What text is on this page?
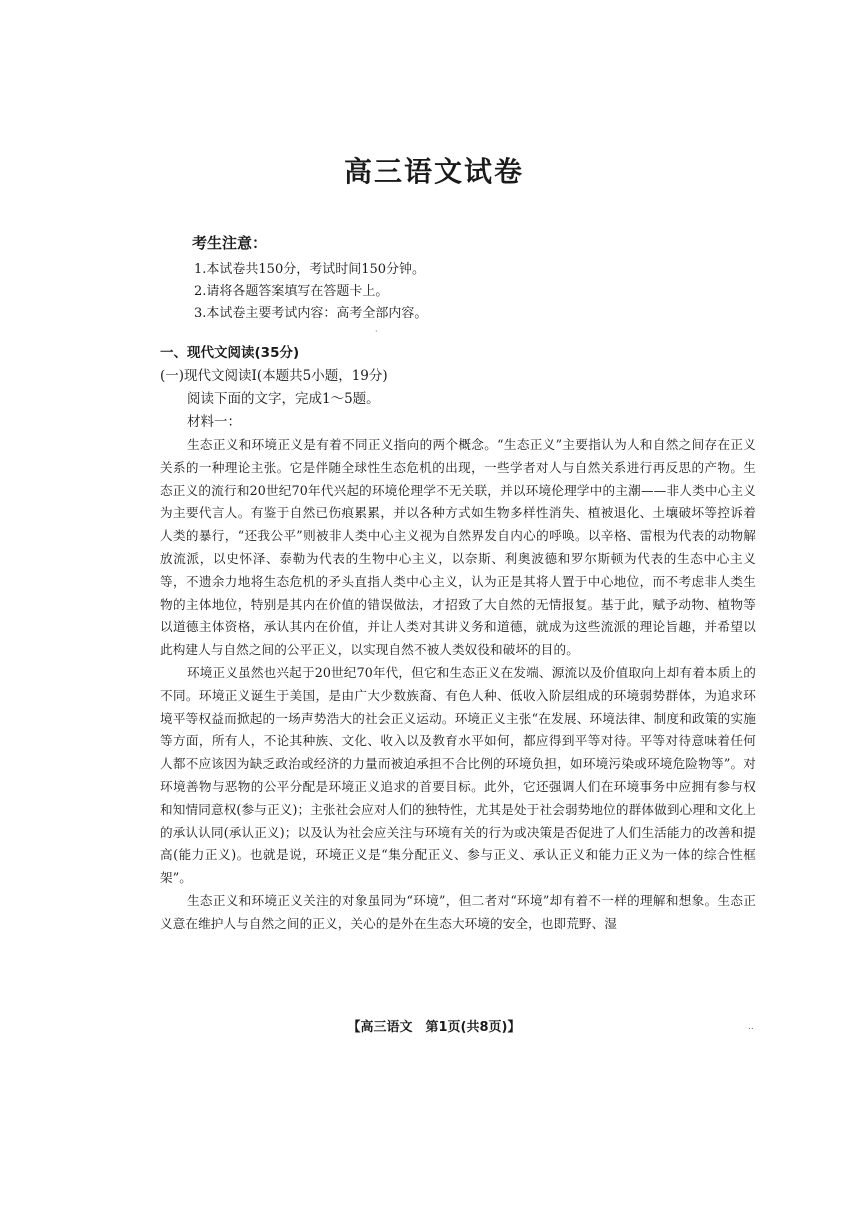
高三语文试卷

考生注意：

1.本试卷共150分，考试时间150分钟。
2.请将各题答案填写在答题卡上。
3.本试卷主要考试内容：高考全部内容。
·

一、现代文阅读(35分)

(一)现代文阅读Ⅰ(本题共5小题，19分)

阅读下面的文字，完成1～5题。

材料一：

生态正义和环境正义是有着不同正义指向的两个概念。“生态正义”主要指认为人和自然之间存在正义关系的一种理论主张。它是伴随全球性生态危机的出现，一些学者对人与自然关系进行再反思的产物。生态正义的流行和20世纪70年代兴起的环境伦理学不无关联，并以环境伦理学中的主潮——非人类中心主义为主要代言人。有鉴于自然已伤痕累累，并以各种方式如生物多样性消失、植被退化、土壤破坏等控诉着人类的暴行，“还我公平”则被非人类中心主义视为自然界发自内心的呼唤。以辛格、雷根为代表的动物解放流派，以史怀泽、泰勒为代表的生物中心主义，以奈斯、利奥波德和罗尔斯顿为代表的生态中心主义等，不遗余力地将生态危机的矛头直指人类中心主义，认为正是其将人置于中心地位，而不考虑非人类生物的主体地位，特别是其内在价值的错误做法，才招致了大自然的无情报复。基于此，赋予动物、植物等以道德主体资格，承认其内在价值，并让人类对其讲义务和道德，就成为这些流派的理论旨趣，并希望以此构建人与自然之间的公平正义，以实现自然不被人类奴役和破坏的目的。

环境正义虽然也兴起于20世纪70年代，但它和生态正义在发端、源流以及价值取向上却有着本质上的不同。环境正义诞生于美国，是由广大少数族裔、有色人种、低收入阶层组成的环境弱势群体，为追求环境平等权益而掀起的一场声势浩大的社会正义运动。环境正义主张“在发展、环境法律、制度和政策的实施等方面，所有人，不论其种族、文化、收入以及教育水平如何，都应得到平等对待。平等对待意味着任何人都不应该因为缺乏政治或经济的力量而被迫承担不合比例的环境负担，如环境污染或环境危险物等”。对环境善物与恶物的公平分配是环境正义追求的首要目标。此外，它还强调人们在环境事务中应拥有参与权和知情同意权(参与正义)；主张社会应对人们的独特性，尤其是处于社会弱势地位的群体做到心理和文化上的承认认同(承认正义)；以及认为社会应关注与环境有关的行为或决策是否促进了人们生活能力的改善和提高(能力正义)。也就是说，环境正义是“集分配正义、参与正义、承认正义和能力正义为一体的综合性框架”。

生态正义和环境正义关注的对象虽同为“环境”，但二者对“环境”却有着不一样的理解和想象。生态正义意在维护人与自然之间的正义，关心的是外在生态大环境的安全，也即荒野、湿

【高三语文　第1页(共8页)】	..
